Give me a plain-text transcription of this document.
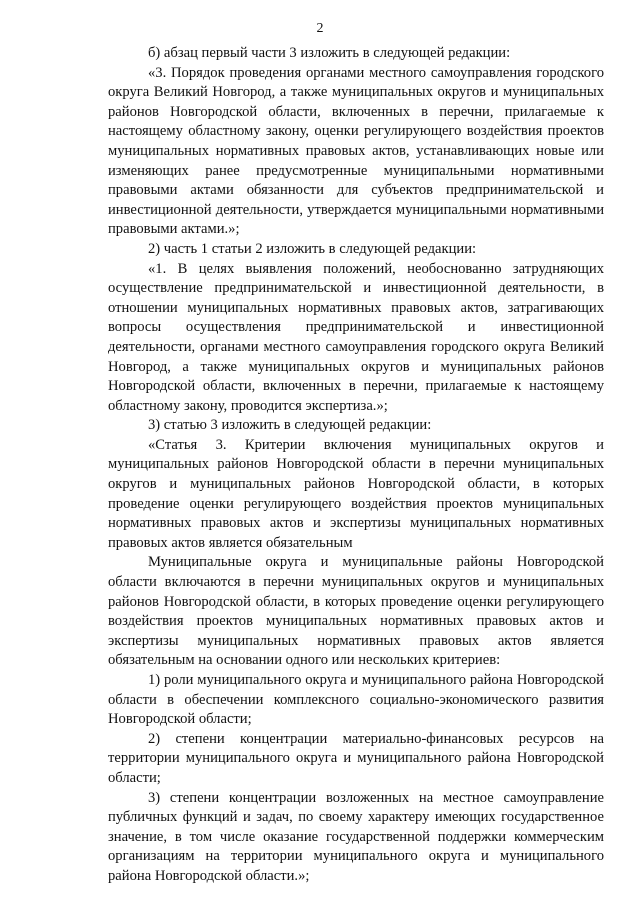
2

б) абзац первый части 3 изложить в следующей редакции:

«3. Порядок проведения органами местного самоуправления городского округа Великий Новгород, а также муниципальных округов и муниципальных районов Новгородской области, включенных в перечни, прилагаемые к настоящему областному закону, оценки регулирующего воздействия проектов муниципальных нормативных правовых актов, устанавливающих новые или изменяющих ранее предусмотренные муниципальными нормативными правовыми актами обязанности для субъектов предпринимательской и инвестиционной деятельности, утверждается муниципальными нормативными правовыми актами.»;

2) часть 1 статьи 2 изложить в следующей редакции:

«1. В целях выявления положений, необоснованно затрудняющих осуществление предпринимательской и инвестиционной деятельности, в отношении муниципальных нормативных правовых актов, затрагивающих вопросы осуществления предпринимательской и инвестиционной деятельности, органами местного самоуправления городского округа Великий Новгород, а также муниципальных округов и муниципальных районов Новгородской области, включенных в перечни, прилагаемые к настоящему областному закону, проводится экспертиза.»;

3) статью 3 изложить в следующей редакции:

«Статья 3. Критерии включения муниципальных округов и муниципальных районов Новгородской области в перечни муниципальных округов и муниципальных районов Новгородской области, в которых проведение оценки регулирующего воздействия проектов муниципальных нормативных правовых актов и экспертизы муниципальных нормативных правовых актов является обязательным

Муниципальные округа и муниципальные районы Новгородской области включаются в перечни муниципальных округов и муниципальных районов Новгородской области, в которых проведение оценки регулирующего воздействия проектов муниципальных нормативных правовых актов и экспертизы муниципальных нормативных правовых актов является обязательным на основании одного или нескольких критериев:

1) роли муниципального округа и муниципального района Новгородской области в обеспечении комплексного социально-экономического развития Новгородской области;

2) степени концентрации материально-финансовых ресурсов на территории муниципального округа и муниципального района Новгородской области;

3) степени концентрации возложенных на местное самоуправление публичных функций и задач, по своему характеру имеющих государственное значение, в том числе оказание государственной поддержки коммерческим организациям на территории муниципального округа и муниципального района Новгородской области.»;
